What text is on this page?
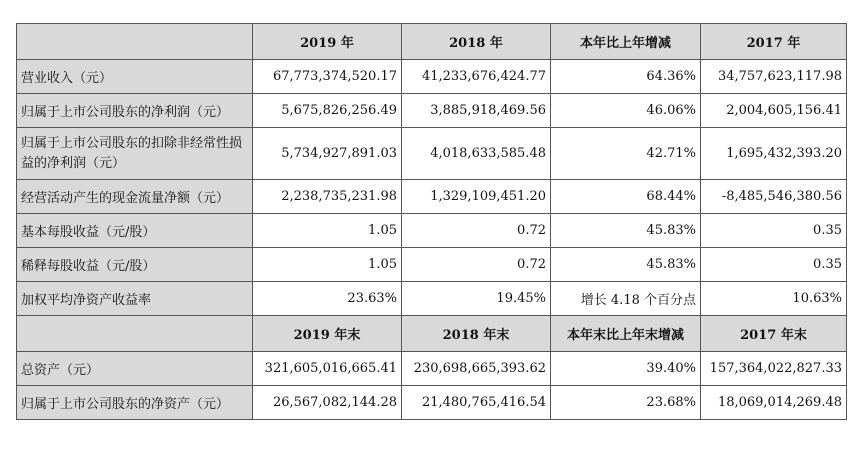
	2019 年	2018 年	本年比上年增减	2017 年
营业收入（元）	67,773,374,520.17	41,233,676,424.77	64.36%	34,757,623,117.98
归属于上市公司股东的净利润（元）	5,675,826,256.49	3,885,918,469.56	46.06%	2,004,605,156.41
归属于上市公司股东的扣除非经常性损益的净利润（元）	5,734,927,891.03	4,018,633,585.48	42.71%	1,695,432,393.20
经营活动产生的现金流量净额（元）	2,238,735,231.98	1,329,109,451.20	68.44%	-8,485,546,380.56
基本每股收益（元/股）	1.05	0.72	45.83%	0.35
稀释每股收益（元/股）	1.05	0.72	45.83%	0.35
加权平均净资产收益率	23.63%	19.45%	增长 4.18 个百分点	10.63%
	2019 年末	2018 年末	本年末比上年末增减	2017 年末
总资产（元）	321,605,016,665.41	230,698,665,393.62	39.40%	157,364,022,827.33
归属于上市公司股东的净资产（元）	26,567,082,144.28	21,480,765,416.54	23.68%	18,069,014,269.48
